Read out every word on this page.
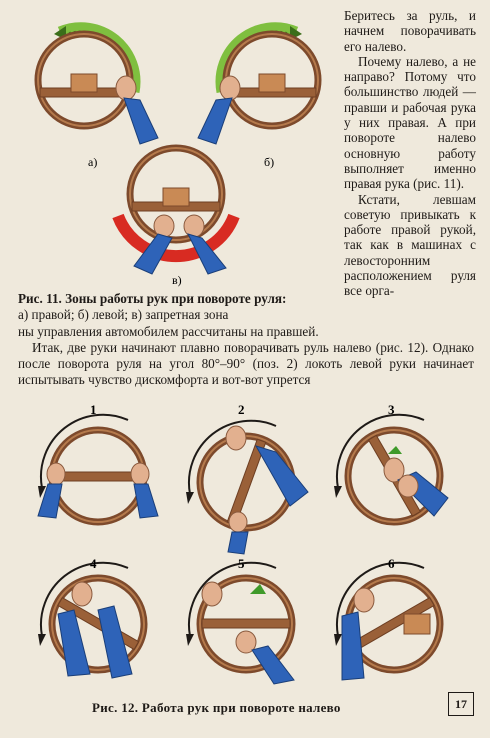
а)	б)
в)

Беритесь за руль, и начнем поворачивать его налево.

Почему налево, а не направо? Потому что большинство людей — правши и рабочая рука у них правая. А при повороте налево основную работу выполняет именно правая рука (рис. 11).

Кстати, левшам советую привыкать к работе правой рукой, так как в машинах с левосторонним расположением руля все орга-

Рис. 11. Зоны работы рук при повороте руля:
а) правой; б) левой; в) запретная зона

ны управления автомобилем рассчитаны на правшей.

Итак, две руки начинают плавно поворачивать руль налево (рис. 12). Однако после поворота руля на угол 80°–90° (поз. 2) локоть левой руки начинает испытывать чувство дискомфорта и вот-вот упрется

1	2	3
4	5	6
Рис. 12. Работа рук при повороте налево	17
